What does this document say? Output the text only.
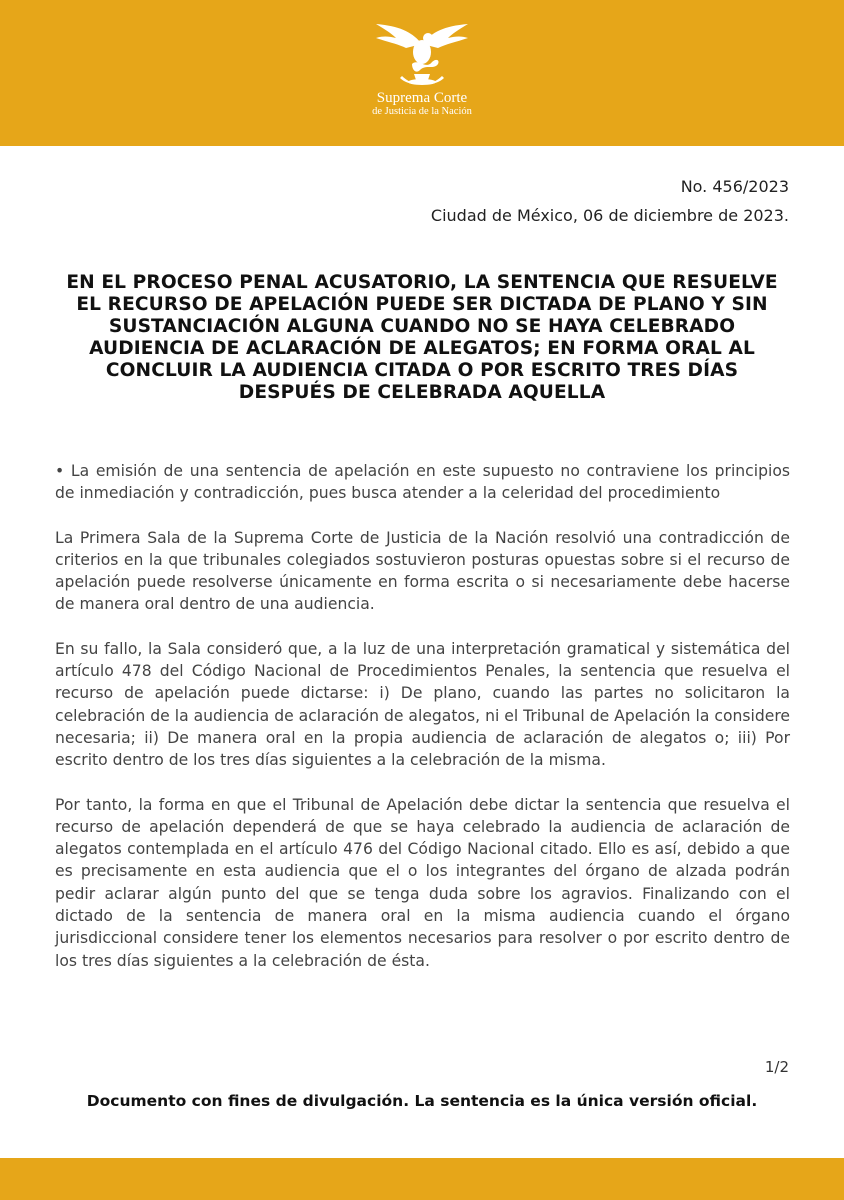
Suprema Corte
de Justicia de la Nación
No. 456/2023
Ciudad de México, 06 de diciembre de 2023.
EN EL PROCESO PENAL ACUSATORIO, LA SENTENCIA QUE RESUELVE EL RECURSO DE APELACIÓN PUEDE SER DICTADA DE PLANO Y SIN SUSTANCIACIÓN ALGUNA CUANDO NO SE HAYA CELEBRADO AUDIENCIA DE ACLARACIÓN DE ALEGATOS; EN FORMA ORAL AL CONCLUIR LA AUDIENCIA CITADA O POR ESCRITO TRES DÍAS DESPUÉS DE CELEBRADA AQUELLA

• La emisión de una sentencia de apelación en este supuesto no contraviene los principios de inmediación y contradicción, pues busca atender a la celeridad del procedimiento

La Primera Sala de la Suprema Corte de Justicia de la Nación resolvió una contradicción de criterios en la que tribunales colegiados sostuvieron posturas opuestas sobre si el recurso de apelación puede resolverse únicamente en forma escrita o si necesariamente debe hacerse de manera oral dentro de una audiencia.

En su fallo, la Sala consideró que, a la luz de una interpretación gramatical y sistemática del artículo 478 del Código Nacional de Procedimientos Penales, la sentencia que resuelva el recurso de apelación puede dictarse: i) De plano, cuando las partes no solicitaron la celebración de la audiencia de aclaración de alegatos, ni el Tribunal de Apelación la considere necesaria; ii) De manera oral en la propia audiencia de aclaración de alegatos o; iii) Por escrito dentro de los tres días siguientes a la celebración de la misma.

Por tanto, la forma en que el Tribunal de Apelación debe dictar la sentencia que resuelva el recurso de apelación dependerá de que se haya celebrado la audiencia de aclaración de alegatos contemplada en el artículo 476 del Código Nacional citado. Ello es así, debido a que es precisamente en esta audiencia que el o los integrantes del órgano de alzada podrán pedir aclarar algún punto del que se tenga duda sobre los agravios. Finalizando con el dictado de la sentencia de manera oral en la misma audiencia cuando el órgano jurisdiccional considere tener los elementos necesarios para resolver o por escrito dentro de los tres días siguientes a la celebración de ésta.

1/2
Documento con fines de divulgación. La sentencia es la única versión oficial.
